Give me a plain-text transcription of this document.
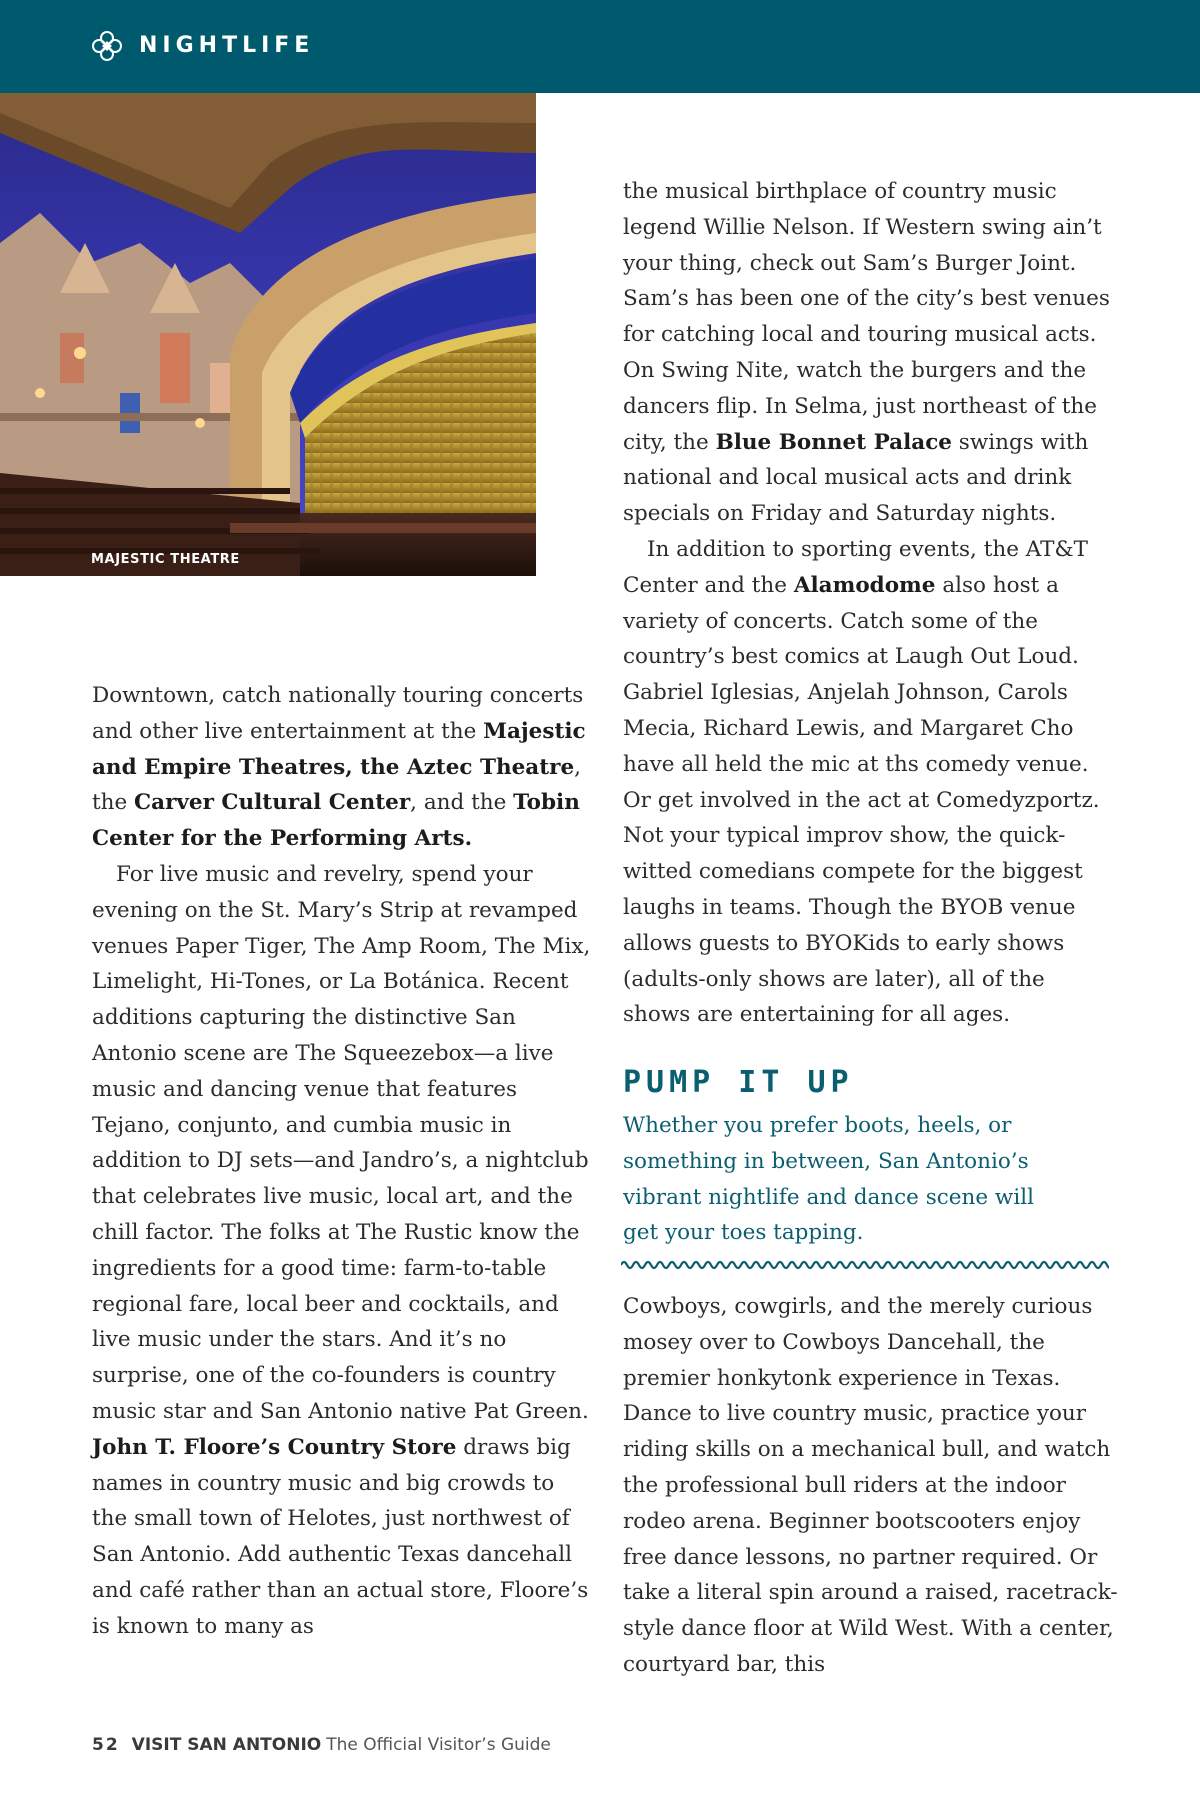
NIGHTLIFE
MAJESTIC THEATRE

Downtown, catch nationally touring concerts and other live entertainment at the Majestic and Empire Theatres, the Aztec Theatre, the Carver Cultural Center, and the Tobin Center for the Performing Arts.

For live music and revelry, spend your evening on the St. Mary’s Strip at revamped venues Paper Tiger, The Amp Room, The Mix, Limelight, Hi-Tones, or La Botánica. Recent additions capturing the distinctive San Antonio scene are The Squeezebox—a live music and dancing venue that features Tejano, conjunto, and cumbia music in addition to DJ sets—and Jandro’s, a nightclub that celebrates live music, local art, and the chill factor. The folks at The Rustic know the ingredients for a good time: farm-to-table regional fare, local beer and cocktails, and live music under the stars. And it’s no surprise, one of the co-founders is country music star and San Antonio native Pat Green. John T. Floore’s Country Store draws big names in country music and big crowds to the small town of Helotes, just northwest of San Antonio. Add authentic Texas dancehall and café rather than an actual store, Floore’s is known to many as

the musical birthplace of country music legend Willie Nelson. If Western swing ain’t your thing, check out Sam’s Burger Joint. Sam’s has been one of the city’s best venues for catching local and touring musical acts. On Swing Nite, watch the burgers and the dancers flip. In Selma, just northeast of the city, the Blue Bonnet Palace swings with national and local musical acts and drink specials on Friday and Saturday nights.

In addition to sporting events, the AT&T Center and the Alamodome also host a variety of concerts. Catch some of the country’s best comics at Laugh Out Loud. Gabriel Iglesias, Anjelah Johnson, Carols Mecia, Richard Lewis, and Margaret Cho have all held the mic at ths comedy venue. Or get involved in the act at Comedyzportz. Not your typical improv show, the quick-witted comedians compete for the biggest laughs in teams. Though the BYOB venue allows guests to BYOKids to early shows (adults-only shows are later), all of the shows are entertaining for all ages.

PUMP IT UP
Whether you prefer boots, heels, or something in between, San Antonio’s vibrant nightlife and dance scene will get your toes tapping.

Cowboys, cowgirls, and the merely curious mosey over to Cowboys Dancehall, the premier honkytonk experience in Texas. Dance to live country music, practice your riding skills on a mechanical bull, and watch the professional bull riders at the indoor rodeo arena. Beginner bootscooters enjoy free dance lessons, no partner required. Or take a literal spin around a raised, racetrack-style dance floor at Wild West. With a center, courtyard bar, this

52 VISIT SAN ANTONIO The Official Visitor’s Guide
